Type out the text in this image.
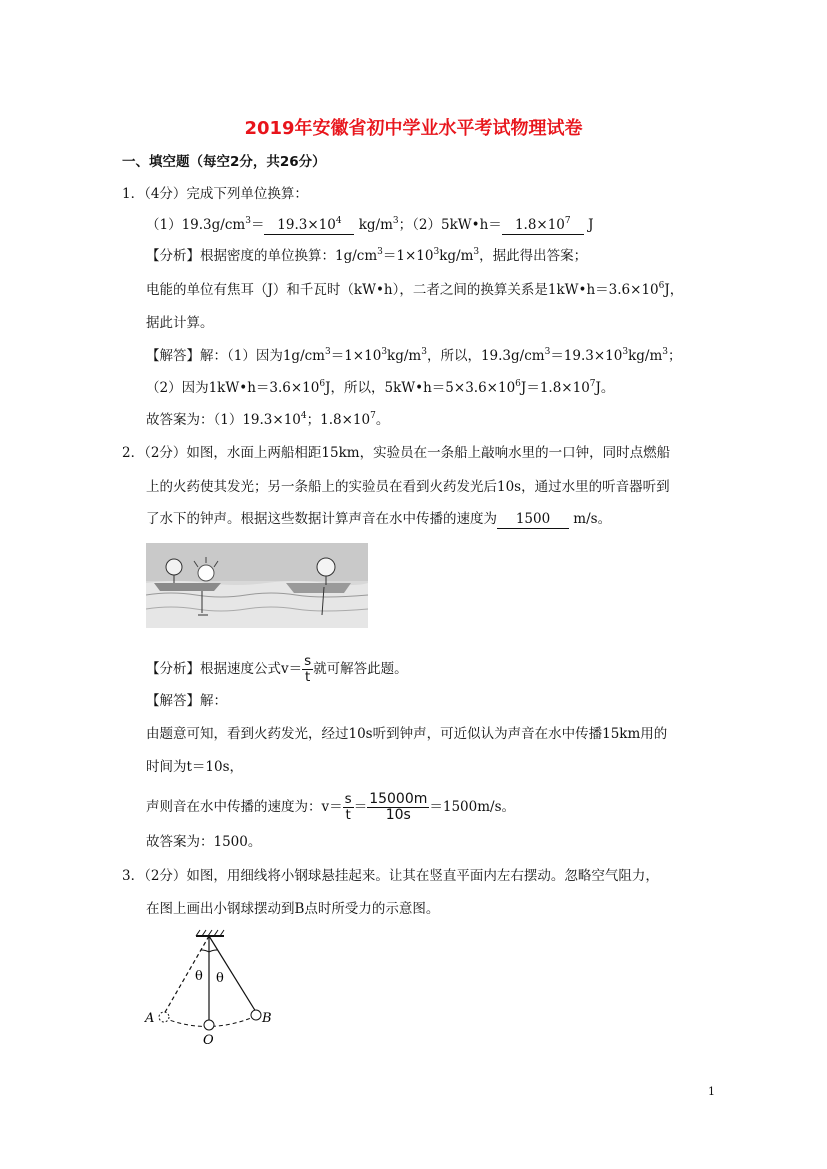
2019年安徽省初中学业水平考试物理试卷
一、填空题（每空2分，共26分）
1．（4分）完成下列单位换算：
$(1)19.3g/cm^3= 19.3\times 10^4$ $kg/m^3$；（2）5kW•h＝ $1.8\times 10^7$ J
【分析】根据密度的单位换算：$1g/cm^3=1\times 10^3kg/m^3$，据此得出答案；
电能的单位有焦耳（J）和千瓦时（kW•h），二者之间的换算关系是$1kW•h=3.6\times 10^6J$，
据此计算。
【解答】解：（1）因为$1g/cm^3=1\times 10^3kg/m^3$，所以，$19.3g/cm^3=19.3\times 10^3kg/m^3$；
（2）因为$1kW•h=3.6\times 10^6J$，所以，$5kW•h=5\times 3.6\times 10^6J=1.8\times 10^7J$。
故答案为：$(1)19.3\times 10^4$；$1.8\times 10^7$。
2．（2分）如图，水面上两船相距15km，实验员在一条船上敲响水里的一口钟，同时点燃船
上的火药使其发光；另一条船上的实验员在看到火药发光后10s，通过水里的听音器听到
了水下的钟声。根据这些数据计算声音在水中传播的速度为 1500 m/s。
【分析】根据速度公式$v= \frac{s}{t}$ 就可解答此题。
【解答】解：
由题意可知，看到火药发光，经过10s听到钟声，可近似认为声音在水中传播15km用的
时间为t＝10s，
声则音在水中传播的速度为：$v= \frac{s}{t} = \frac{15000m}{10s} =1500m/s$。
故答案为：1500。
3．（2分）如图，用细线将小钢球悬挂起来。让其在竖直平面内左右摆动。忽略空气阻力，
在图上画出小钢球摆动到B点时所受力的示意图。
θ θ
A	B
O
1
